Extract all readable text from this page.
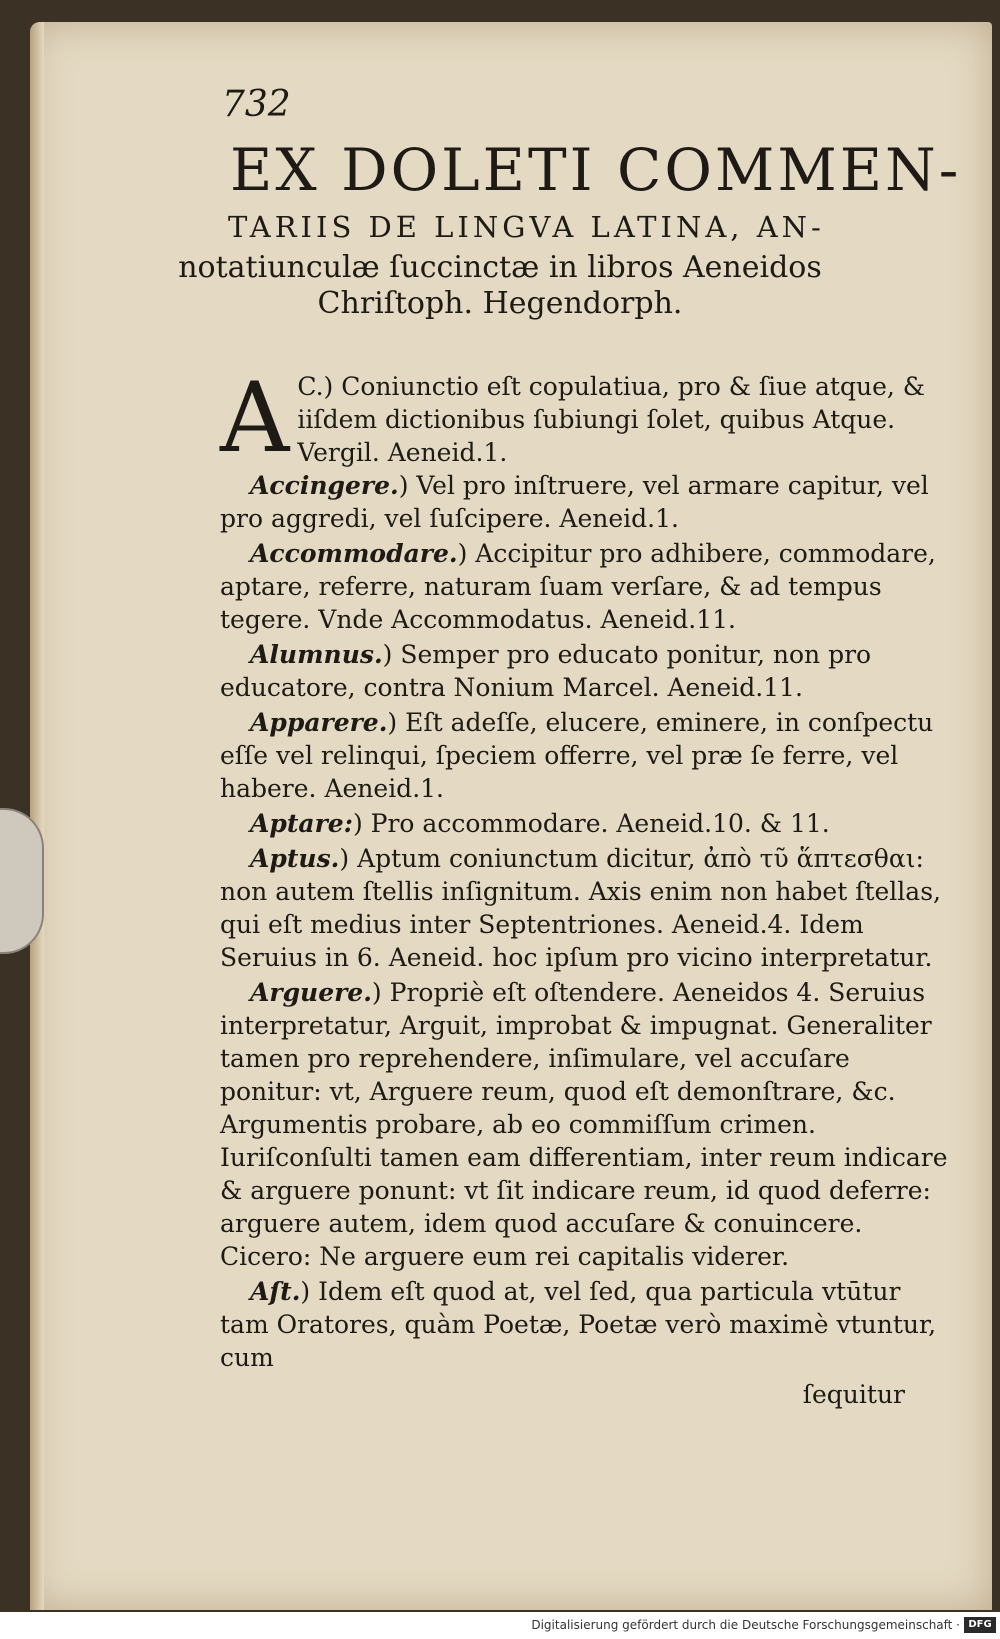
732
EX DOLETI COMMEN-
TARIIS DE LINGVA LATINA, AN-
notatiunculæ ſuccinctæ in libros Aeneidos
Chriſtoph. Hegendorph.
A C.) Coniunctio eſt copulatiua, pro & ſiue atque, & iiſdem dictionibus ſubiungi ſolet, quibus Atque. Vergil. Aeneid.1.

Accingere.) Vel pro inſtruere, vel armare capitur, vel pro aggredi, vel ſuſcipere. Aeneid.1.

Accommodare.) Accipitur pro adhibere, commodare, aptare, referre, naturam ſuam verſare, & ad tempus tegere. Vnde Accommodatus. Aeneid.11.

Alumnus.) Semper pro educato ponitur, non pro educatore, contra Nonium Marcel. Aeneid.11.

Apparere.) Eſt adeſſe, elucere, eminere, in conſpectu eſſe vel relinqui, ſpeciem offerre, vel præ ſe ferre, vel habere. Aeneid.1.

Aptare:) Pro accommodare. Aeneid.10. & 11.

Aptus.) Aptum coniunctum dicitur, ἀπὸ τῦ ἅπτεσθαι: non autem ſtellis inſignitum. Axis enim non habet ſtellas, qui eſt medius inter Septentriones. Aeneid.4. Idem Seruius in 6. Aeneid. hoc ipſum pro vicino interpretatur.

Arguere.) Propriè eſt oſtendere. Aeneidos 4. Seruius interpretatur, Arguit, improbat & impugnat. Generaliter tamen pro reprehendere, inſimulare, vel accuſare ponitur: vt, Arguere reum, quod eſt demonſtrare, &c. Argumentis probare, ab eo commiſſum crimen. Iuriſconſulti tamen eam differentiam, inter reum indicare & arguere ponunt: vt ſit indicare reum, id quod deferre: arguere autem, idem quod accuſare & conuincere. Cicero: Ne arguere eum rei capitalis viderer.

Aſt.) Idem eſt quod at, vel ſed, qua particula vtūtur tam Oratores, quàm Poetæ, Poetæ verò maximè vtuntur, cum

ſequitur
Digitalisierung gefördert durch die Deutsche Forschungsgemeinschaft · DFG
